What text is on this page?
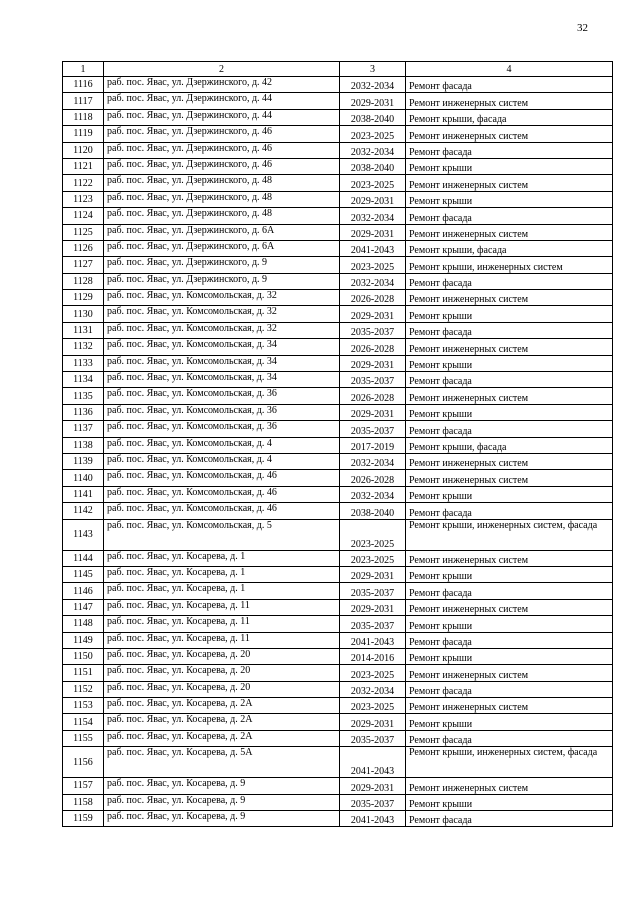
32
1	2	3	4
1116	раб. пос. Явас, ул. Дзержинского, д. 42	2032-2034	Ремонт фасада
1117	раб. пос. Явас, ул. Дзержинского, д. 44	2029-2031	Ремонт инженерных систем
1118	раб. пос. Явас, ул. Дзержинского, д. 44	2038-2040	Ремонт крыши, фасада
1119	раб. пос. Явас, ул. Дзержинского, д. 46	2023-2025	Ремонт инженерных систем
1120	раб. пос. Явас, ул. Дзержинского, д. 46	2032-2034	Ремонт фасада
1121	раб. пос. Явас, ул. Дзержинского, д. 46	2038-2040	Ремонт крыши
1122	раб. пос. Явас, ул. Дзержинского, д. 48	2023-2025	Ремонт инженерных систем
1123	раб. пос. Явас, ул. Дзержинского, д. 48	2029-2031	Ремонт крыши
1124	раб. пос. Явас, ул. Дзержинского, д. 48	2032-2034	Ремонт фасада
1125	раб. пос. Явас, ул. Дзержинского, д. 6А	2029-2031	Ремонт инженерных систем
1126	раб. пос. Явас, ул. Дзержинского, д. 6А	2041-2043	Ремонт крыши, фасада
1127	раб. пос. Явас, ул. Дзержинского, д. 9	2023-2025	Ремонт крыши, инженерных систем
1128	раб. пос. Явас, ул. Дзержинского, д. 9	2032-2034	Ремонт фасада
1129	раб. пос. Явас, ул. Комсомольская, д. 32	2026-2028	Ремонт инженерных систем
1130	раб. пос. Явас, ул. Комсомольская, д. 32	2029-2031	Ремонт крыши
1131	раб. пос. Явас, ул. Комсомольская, д. 32	2035-2037	Ремонт фасада
1132	раб. пос. Явас, ул. Комсомольская, д. 34	2026-2028	Ремонт инженерных систем
1133	раб. пос. Явас, ул. Комсомольская, д. 34	2029-2031	Ремонт крыши
1134	раб. пос. Явас, ул. Комсомольская, д. 34	2035-2037	Ремонт фасада
1135	раб. пос. Явас, ул. Комсомольская, д. 36	2026-2028	Ремонт инженерных систем
1136	раб. пос. Явас, ул. Комсомольская, д. 36	2029-2031	Ремонт крыши
1137	раб. пос. Явас, ул. Комсомольская, д. 36	2035-2037	Ремонт фасада
1138	раб. пос. Явас, ул. Комсомольская, д. 4	2017-2019	Ремонт крыши, фасада
1139	раб. пос. Явас, ул. Комсомольская, д. 4	2032-2034	Ремонт инженерных систем
1140	раб. пос. Явас, ул. Комсомольская, д. 46	2026-2028	Ремонт инженерных систем
1141	раб. пос. Явас, ул. Комсомольская, д. 46	2032-2034	Ремонт крыши
1142	раб. пос. Явас, ул. Комсомольская, д. 46	2038-2040	Ремонт фасада
1143	раб. пос. Явас, ул. Комсомольская, д. 5	2023-2025	Ремонт крыши, инженерных систем, фасада
1144	раб. пос. Явас, ул. Косарева, д. 1	2023-2025	Ремонт инженерных систем
1145	раб. пос. Явас, ул. Косарева, д. 1	2029-2031	Ремонт крыши
1146	раб. пос. Явас, ул. Косарева, д. 1	2035-2037	Ремонт фасада
1147	раб. пос. Явас, ул. Косарева, д. 11	2029-2031	Ремонт инженерных систем
1148	раб. пос. Явас, ул. Косарева, д. 11	2035-2037	Ремонт крыши
1149	раб. пос. Явас, ул. Косарева, д. 11	2041-2043	Ремонт фасада
1150	раб. пос. Явас, ул. Косарева, д. 20	2014-2016	Ремонт крыши
1151	раб. пос. Явас, ул. Косарева, д. 20	2023-2025	Ремонт инженерных систем
1152	раб. пос. Явас, ул. Косарева, д. 20	2032-2034	Ремонт фасада
1153	раб. пос. Явас, ул. Косарева, д. 2А	2023-2025	Ремонт инженерных систем
1154	раб. пос. Явас, ул. Косарева, д. 2А	2029-2031	Ремонт крыши
1155	раб. пос. Явас, ул. Косарева, д. 2А	2035-2037	Ремонт фасада
1156	раб. пос. Явас, ул. Косарева, д. 5А	2041-2043	Ремонт крыши, инженерных систем, фасада
1157	раб. пос. Явас, ул. Косарева, д. 9	2029-2031	Ремонт инженерных систем
1158	раб. пос. Явас, ул. Косарева, д. 9	2035-2037	Ремонт крыши
1159	раб. пос. Явас, ул. Косарева, д. 9	2041-2043	Ремонт фасада
